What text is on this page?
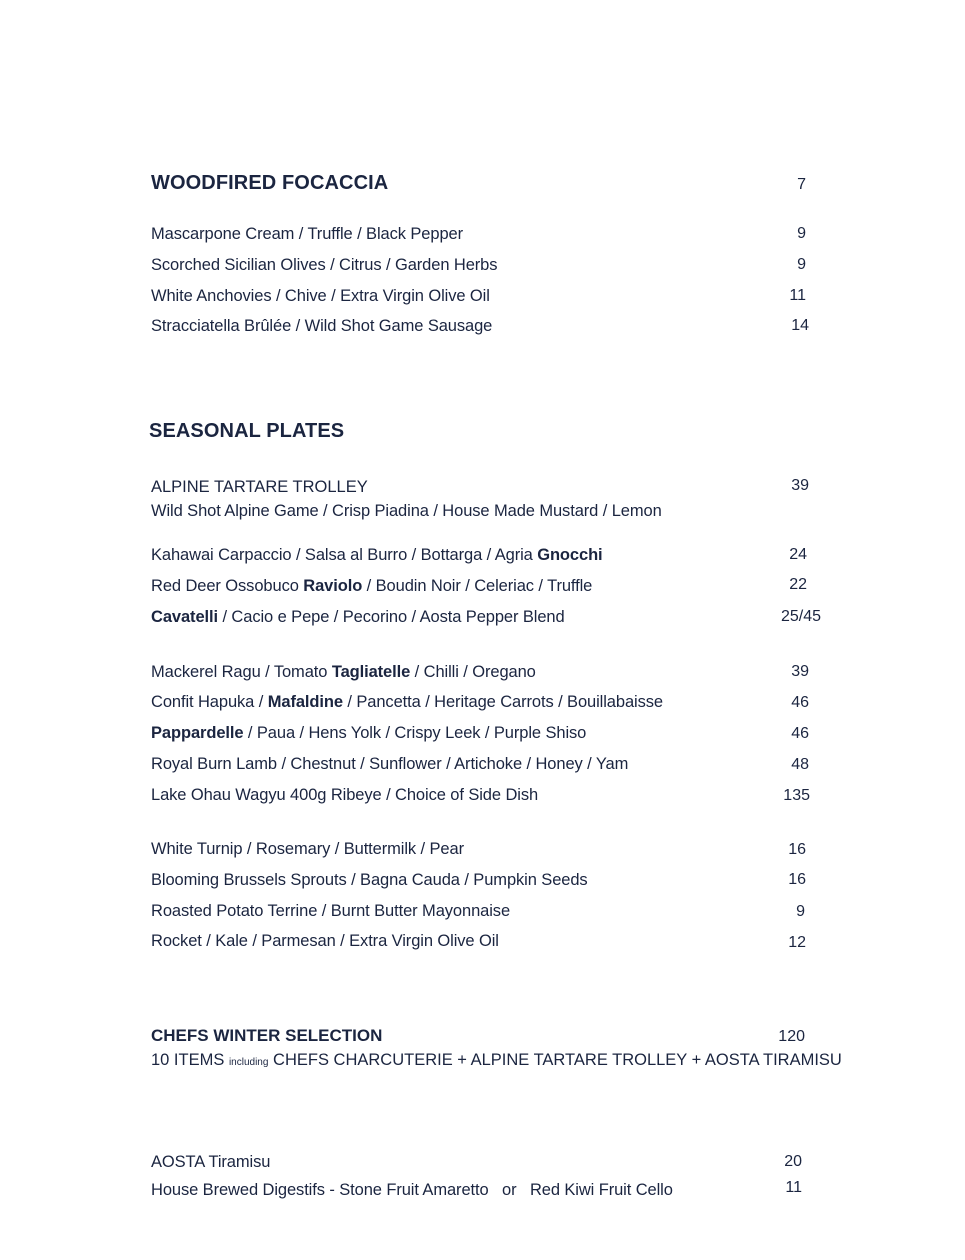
WOODFIRED FOCACCIA	7
Mascarpone Cream / Truffle / Black Pepper	9
Scorched Sicilian Olives / Citrus / Garden Herbs	9
White Anchovies / Chive / Extra Virgin Olive Oil	11
Stracciatella Brûlée / Wild Shot Game Sausage	14
SEASONAL PLATES
ALPINE TARTARE TROLLEY	39
Wild Shot Alpine Game / Crisp Piadina / House Made Mustard / Lemon
Kahawai Carpaccio / Salsa al Burro / Bottarga / Agria Gnocchi	24
Red Deer Ossobuco Raviolo / Boudin Noir / Celeriac / Truffle	22
Cavatelli / Cacio e Pepe / Pecorino / Aosta Pepper Blend	25/45
Mackerel Ragu / Tomato Tagliatelle / Chilli / Oregano	39
Confit Hapuka / Mafaldine / Pancetta / Heritage Carrots / Bouillabaisse	46
Pappardelle / Paua / Hens Yolk / Crispy Leek / Purple Shiso	46
Royal Burn Lamb / Chestnut / Sunflower / Artichoke / Honey / Yam	48
Lake Ohau Wagyu 400g Ribeye / Choice of Side Dish	135
White Turnip / Rosemary / Buttermilk / Pear	16
Blooming Brussels Sprouts / Bagna Cauda / Pumpkin Seeds	16
Roasted Potato Terrine / Burnt Butter Mayonnaise	9
Rocket / Kale / Parmesan / Extra Virgin Olive Oil	12
CHEFS WINTER SELECTION	120
10 ITEMS including CHEFS CHARCUTERIE + ALPINE TARTARE TROLLEY + AOSTA TIRAMISU
AOSTA Tiramisu	20
House Brewed Digestifs - Stone Fruit Amaretto   or   Red Kiwi Fruit Cello	11
